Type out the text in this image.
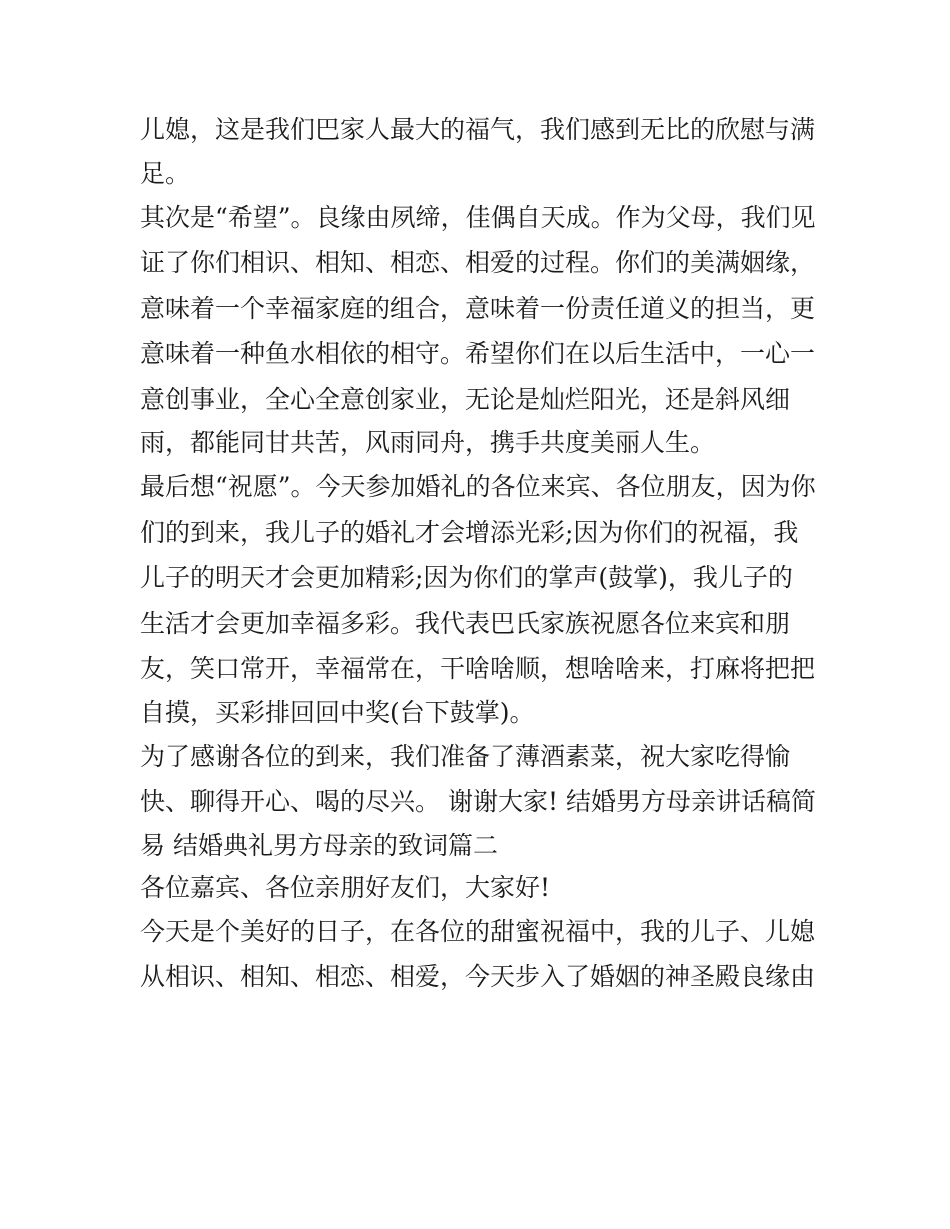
儿媳，这是我们巴家人最大的福气，我们感到无比的欣慰与满
足。
其次是“希望”。良缘由夙缔，佳偶自天成。作为父母，我们见
证了你们相识、相知、相恋、相爱的过程。你们的美满姻缘，
意味着一个幸福家庭的组合，意味着一份责任道义的担当，更
意味着一种鱼水相依的相守。希望你们在以后生活中，一心一
意创事业，全心全意创家业，无论是灿烂阳光，还是斜风细
雨，都能同甘共苦，风雨同舟，携手共度美丽人生。
最后想“祝愿”。今天参加婚礼的各位来宾、各位朋友，因为你
们的到来，我儿子的婚礼才会增添光彩;因为你们的祝福，我
儿子的明天才会更加精彩;因为你们的掌声(鼓掌)，我儿子的
生活才会更加幸福多彩。我代表巴氏家族祝愿各位来宾和朋
友，笑口常开，幸福常在，干啥啥顺，想啥啥来，打麻将把把
自摸，买彩排回回中奖(台下鼓掌)。
为了感谢各位的到来，我们准备了薄酒素菜，祝大家吃得愉
快、聊得开心、喝的尽兴。 谢谢大家! 结婚男方母亲讲话稿简
易 结婚典礼男方母亲的致词篇二
各位嘉宾、各位亲朋好友们，大家好!
今天是个美好的日子，在各位的甜蜜祝福中，我的儿子、儿媳
从相识、相知、相恋、相爱，今天步入了婚姻的神圣殿良缘由
